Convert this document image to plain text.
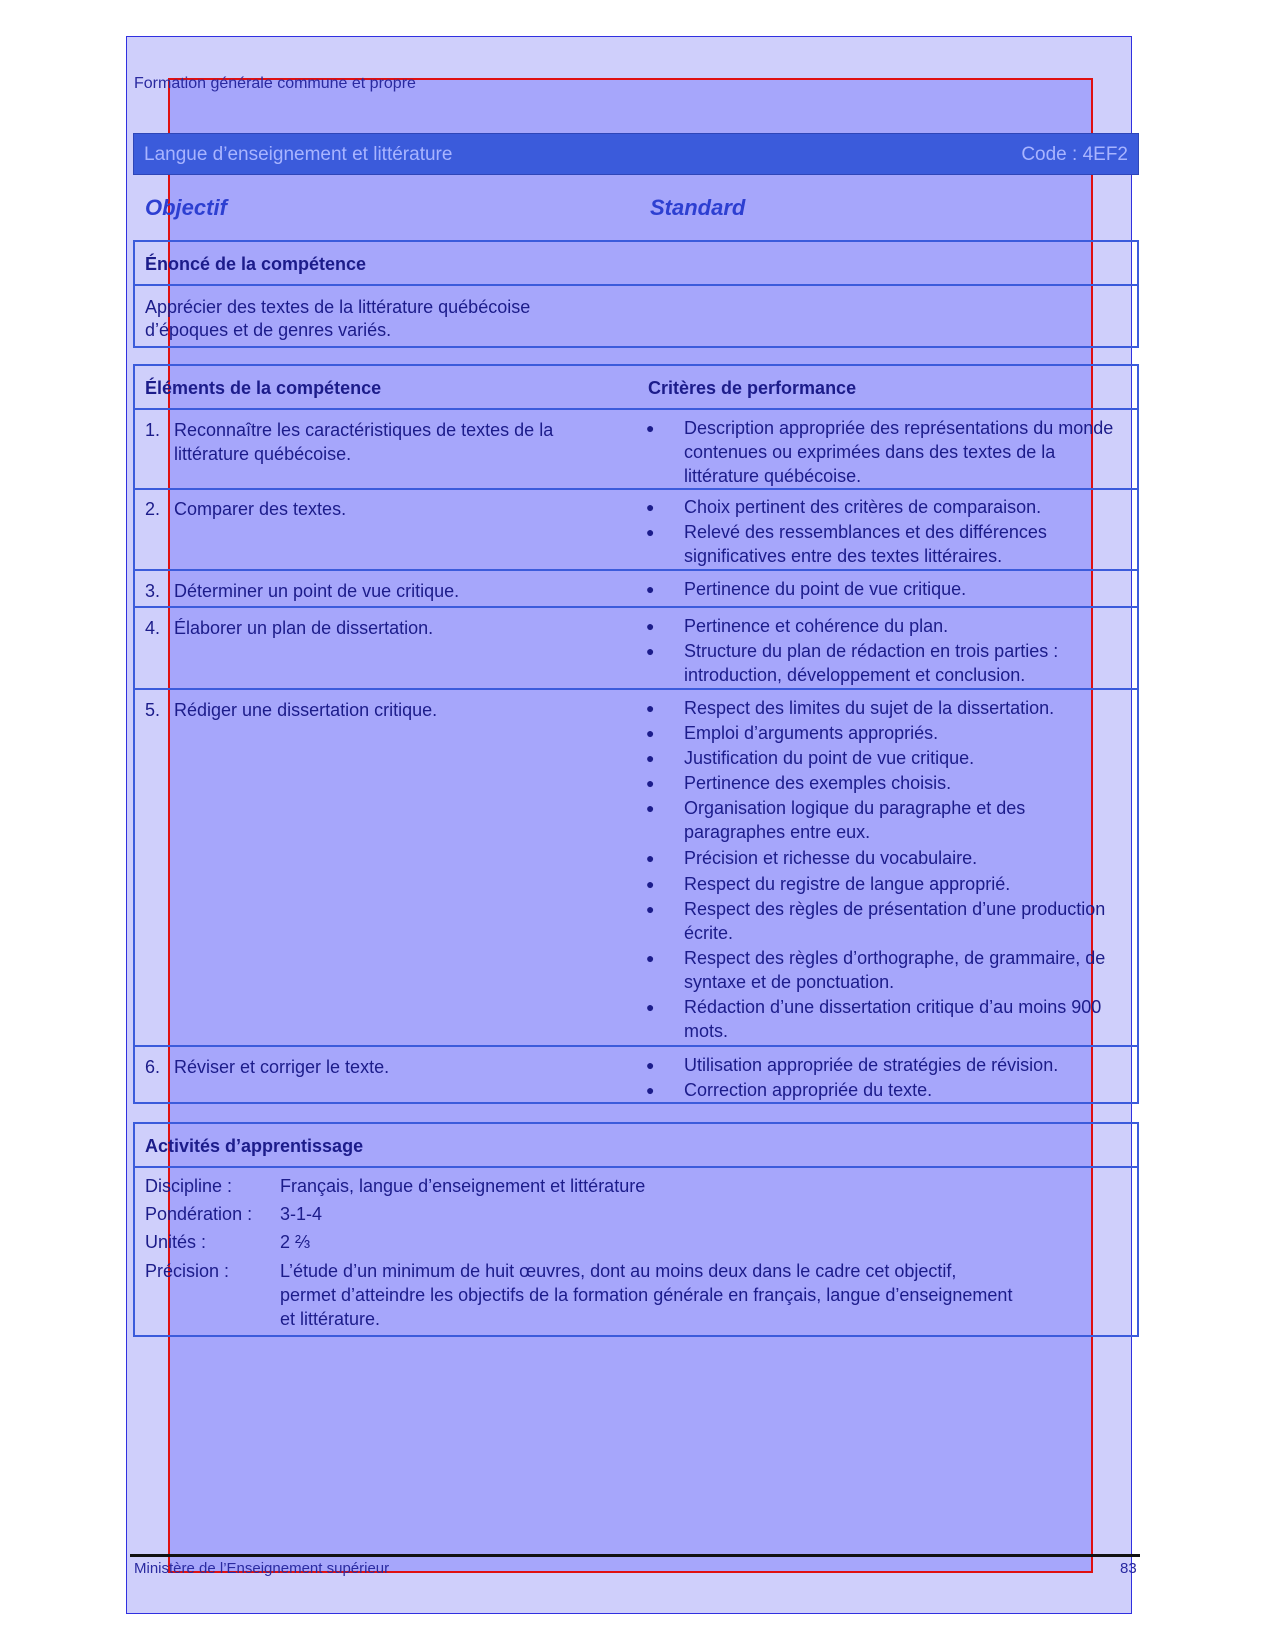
Formation générale commune et propre
Langue d’enseignement et littérature	Code : 4EF2
Objectif	Standard
Énoncé de la compétence
Apprécier des textes de la littérature québécoise
d’époques et de genres variés.
Éléments de la compétence	Critères de performance
1. Reconnaître les caractéristiques de textes de la littérature québécoise.
● Description appropriée des représentations du monde contenues ou exprimées dans des textes de la littérature québécoise.
2. Comparer des textes.	● Choix pertinent des critères de comparaison.
● Relevé des ressemblances et des différences significatives entre des textes littéraires.
3. Déterminer un point de vue critique.	● Pertinence du point de vue critique.
4. Élaborer un plan de dissertation.	● Pertinence et cohérence du plan.
● Structure du plan de rédaction en trois parties : introduction, développement et conclusion.
5. Rédiger une dissertation critique.	● Respect des limites du sujet de la dissertation.
● Emploi d’arguments appropriés.
● Justification du point de vue critique.
● Pertinence des exemples choisis.
● Organisation logique du paragraphe et des paragraphes entre eux.
● Précision et richesse du vocabulaire.
● Respect du registre de langue approprié.
● Respect des règles de présentation d’une production écrite.
● Respect des règles d’orthographe, de grammaire, de syntaxe et de ponctuation.
● Rédaction d’une dissertation critique d’au moins 900 mots.
6. Réviser et corriger le texte.	● Utilisation appropriée de stratégies de révision.
● Correction appropriée du texte.
Activités d’apprentissage
Discipline :	Français, langue d’enseignement et littérature
Pondération : 3-1-4
Unités :	2 ⅔
Précision :	L’étude d’un minimum de huit œuvres, dont au moins deux dans le cadre cet objectif,
permet d’atteindre les objectifs de la formation générale en français, langue d’enseignement
et littérature.
Ministère de l’Enseignement supérieur	83
